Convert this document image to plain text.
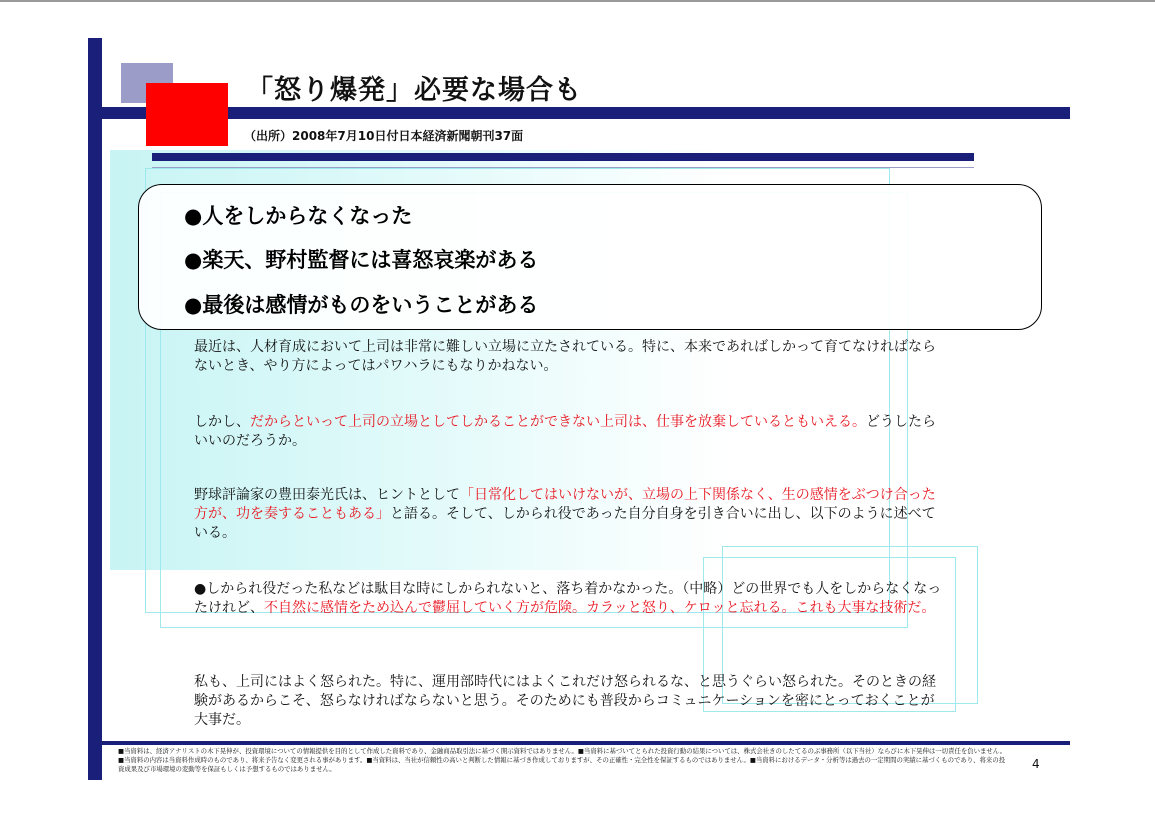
「怒り爆発」必要な場合も
（出所）2008年7月10日付日本経済新聞朝刊37面
●人をしからなくなった
●楽天、野村監督には喜怒哀楽がある
●最後は感情がものをいうことがある
最近は、人材育成において上司は非常に難しい立場に立たされている。特に、本来であればしかって育てなければならないとき、やり方によってはパワハラにもなりかねない。
しかし、だからといって上司の立場としてしかることができない上司は、仕事を放棄しているともいえる。どうしたらいいのだろうか。
野球評論家の豊田泰光氏は、ヒントとして「日常化してはいけないが、立場の上下関係なく、生の感情をぶつけ合った方が、功を奏することもある」と語る。そして、しかられ役であった自分自身を引き合いに出し、以下のように述べている。
●しかられ役だった私などは駄目な時にしかられないと、落ち着かなかった。（中略）どの世界でも人をしからなくなったけれど、不自然に感情をため込んで鬱屈していく方が危険。カラッと怒り、ケロッと忘れる。これも大事な技術だ。
私も、上司にはよく怒られた。特に、運用部時代にはよくこれだけ怒られるな、と思うぐらい怒られた。そのときの経験があるからこそ、怒らなければならないと思う。そのためにも普段からコミュニケーションを密にとっておくことが大事だ。
■当資料は、経済アナリストの木下晃伸が、投資環境についての情報提供を目的として作成した資料であり、金融商品取引法に基づく開示資料ではありません。■当資料に基づいてとられた投資行動の結果については、株式会社きのしたてるのぶ事務所（以下当社）ならびに木下晃伸は一切責任を負いません。■当資料の内容は当資料作成時のものであり、将来予告なく変更される事があります。■当資料は、当社が信頼性の高いと判断した情報に基づき作成しておりますが、その正確性・完全性を保証するものではありません。■当資料におけるデータ・分析等は過去の一定期間の実績に基づくものであり、将来の投資成果及び市場環境の変動等を保証もしくは予想するものではありません。	4
